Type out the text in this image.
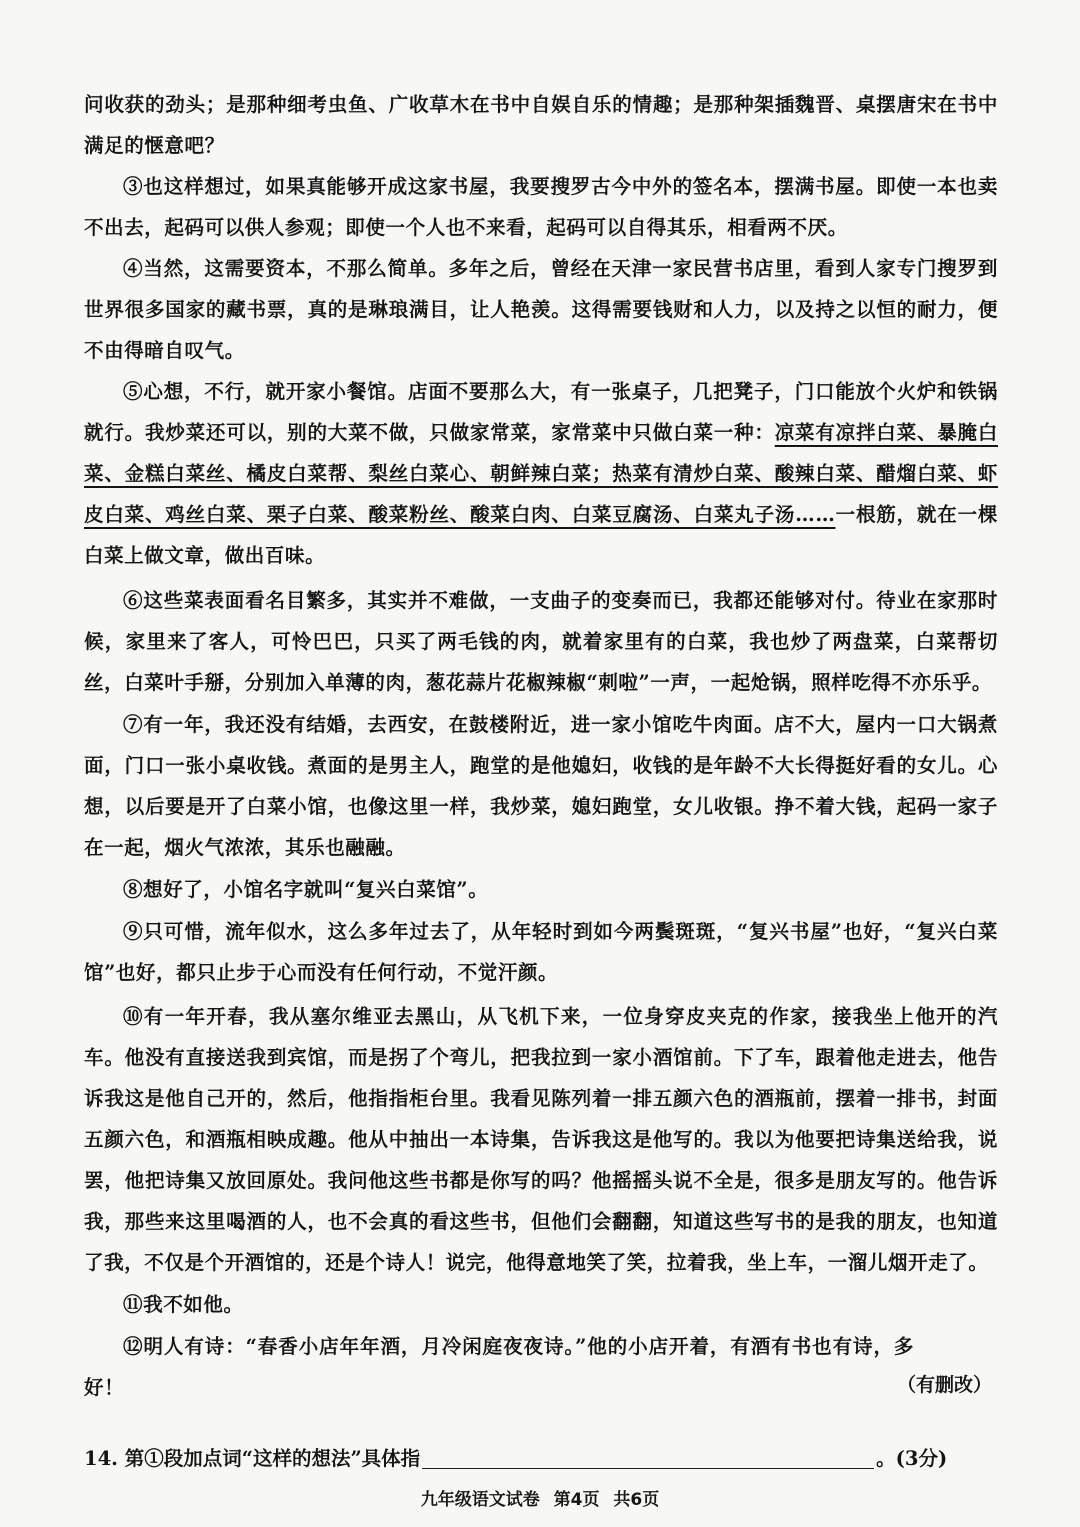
问收获的劲头；是那种细考虫鱼、广收草木在书中自娱自乐的情趣；是那种架插魏晋、桌摆唐宋在书中满足的惬意吧？
③也这样想过，如果真能够开成这家书屋，我要搜罗古今中外的签名本，摆满书屋。即使一本也卖不出去，起码可以供人参观；即使一个人也不来看，起码可以自得其乐，相看两不厌。
④当然，这需要资本，不那么简单。多年之后，曾经在天津一家民营书店里，看到人家专门搜罗到世界很多国家的藏书票，真的是琳琅满目，让人艳羡。这得需要钱财和人力，以及持之以恒的耐力，便不由得暗自叹气。
⑤心想，不行，就开家小餐馆。店面不要那么大，有一张桌子，几把凳子，门口能放个火炉和铁锅就行。我炒菜还可以，别的大菜不做，只做家常菜，家常菜中只做白菜一种：凉菜有凉拌白菜、暴腌白菜、金糕白菜丝、橘皮白菜帮、梨丝白菜心、朝鲜辣白菜；热菜有清炒白菜、酸辣白菜、醋熘白菜、虾皮白菜、鸡丝白菜、栗子白菜、酸菜粉丝、酸菜白肉、白菜豆腐汤、白菜丸子汤……一根筋，就在一棵白菜上做文章，做出百味。
⑥这些菜表面看名目繁多，其实并不难做，一支曲子的变奏而已，我都还能够对付。待业在家那时候，家里来了客人，可怜巴巴，只买了两毛钱的肉，就着家里有的白菜，我也炒了两盘菜，白菜帮切丝，白菜叶手掰，分别加入单薄的肉，葱花蒜片花椒辣椒“刺啦”一声，一起炝锅，照样吃得不亦乐乎。
⑦有一年，我还没有结婚，去西安，在鼓楼附近，进一家小馆吃牛肉面。店不大，屋内一口大锅煮面，门口一张小桌收钱。煮面的是男主人，跑堂的是他媳妇，收钱的是年龄不大长得挺好看的女儿。心想，以后要是开了白菜小馆，也像这里一样，我炒菜，媳妇跑堂，女儿收银。挣不着大钱，起码一家子在一起，烟火气浓浓，其乐也融融。
⑧想好了，小馆名字就叫“复兴白菜馆”。
⑨只可惜，流年似水，这么多年过去了，从年轻时到如今两鬓斑斑，“复兴书屋”也好，“复兴白菜馆”也好，都只止步于心而没有任何行动，不觉汗颜。
⑩有一年开春，我从塞尔维亚去黑山，从飞机下来，一位身穿皮夹克的作家，接我坐上他开的汽车。他没有直接送我到宾馆，而是拐了个弯儿，把我拉到一家小酒馆前。下了车，跟着他走进去，他告诉我这是他自己开的，然后，他指指柜台里。我看见陈列着一排五颜六色的酒瓶前，摆着一排书，封面五颜六色，和酒瓶相映成趣。他从中抽出一本诗集，告诉我这是他写的。我以为他要把诗集送给我，说罢，他把诗集又放回原处。我问他这些书都是你写的吗？他摇摇头说不全是，很多是朋友写的。他告诉我，那些来这里喝酒的人，也不会真的看这些书，但他们会翻翻，知道这些写书的是我的朋友，也知道了我，不仅是个开酒馆的，还是个诗人！说完，他得意地笑了笑，拉着我，坐上车，一溜儿烟开走了。
⑪我不如他。
⑫明人有诗：“春香小店年年酒，月冷闲庭夜夜诗。”他的小店开着，有酒有书也有诗，多好！	（有删改）
14. 第①段加点词“这样的想法”具体指	。(3分)
九年级语文试卷 第4页 共6页
